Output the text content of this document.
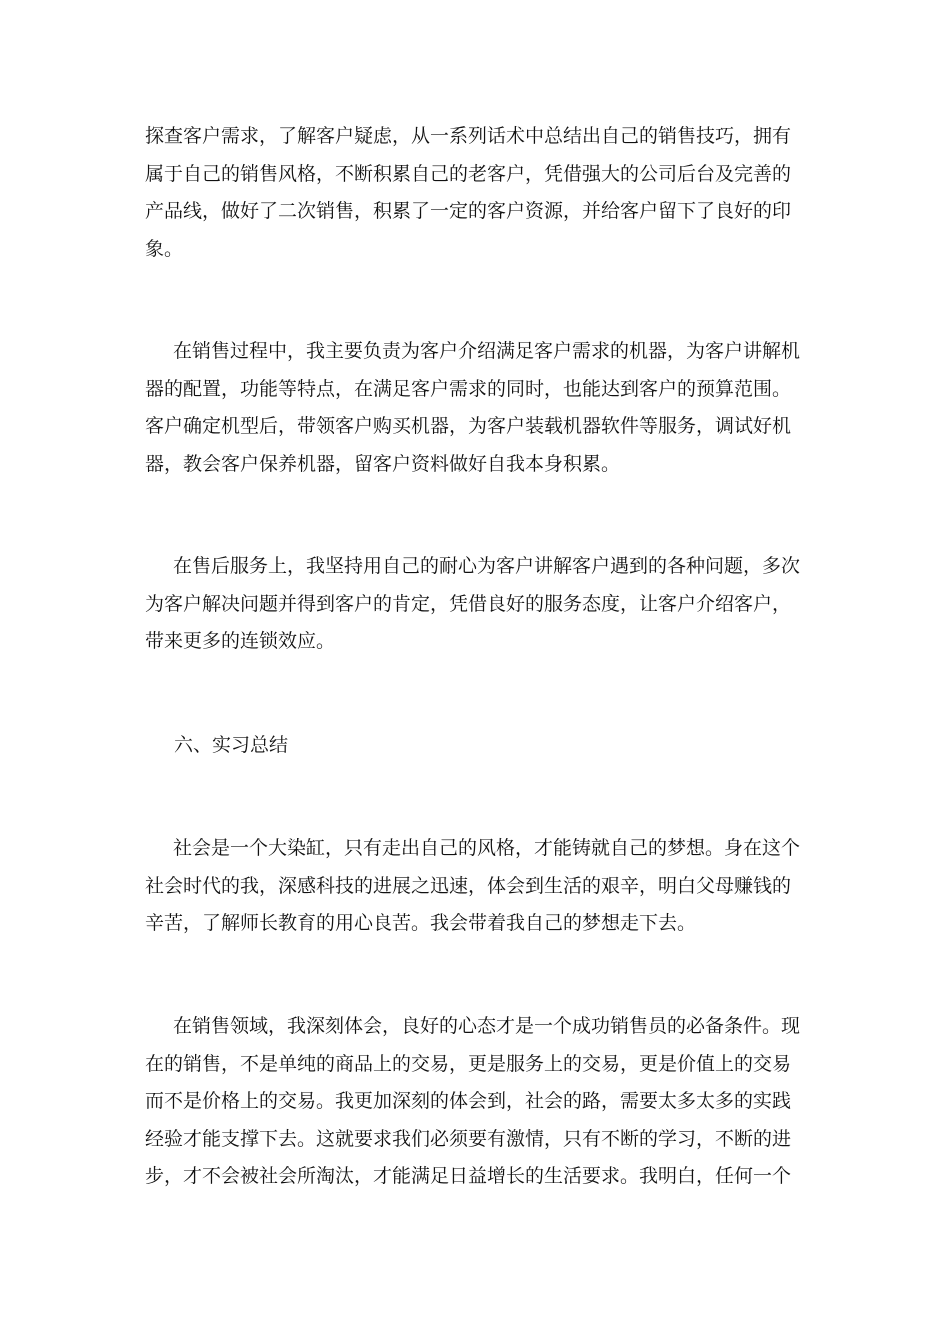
探查客户需求，了解客户疑虑，从一系列话术中总结出自己的销售技巧，拥有
属于自己的销售风格，不断积累自己的老客户，凭借强大的公司后台及完善的
产品线，做好了二次销售，积累了一定的客户资源，并给客户留下了良好的印
象。
在销售过程中，我主要负责为客户介绍满足客户需求的机器，为客户讲解机
器的配置，功能等特点，在满足客户需求的同时，也能达到客户的预算范围。
客户确定机型后，带领客户购买机器，为客户装载机器软件等服务，调试好机
器，教会客户保养机器，留客户资料做好自我本身积累。
在售后服务上，我坚持用自己的耐心为客户讲解客户遇到的各种问题，多次
为客户解决问题并得到客户的肯定，凭借良好的服务态度，让客户介绍客户，
带来更多的连锁效应。
六、实习总结
社会是一个大染缸，只有走出自己的风格，才能铸就自己的梦想。身在这个
社会时代的我，深感科技的进展之迅速，体会到生活的艰辛，明白父母赚钱的
辛苦，了解师长教育的用心良苦。我会带着我自己的梦想走下去。
在销售领域，我深刻体会，良好的心态才是一个成功销售员的必备条件。现
在的销售，不是单纯的商品上的交易，更是服务上的交易，更是价值上的交易
而不是价格上的交易。我更加深刻的体会到，社会的路，需要太多太多的实践
经验才能支撑下去。这就要求我们必须要有激情，只有不断的学习，不断的进
步，才不会被社会所淘汰，才能满足日益增长的生活要求。我明白，任何一个
